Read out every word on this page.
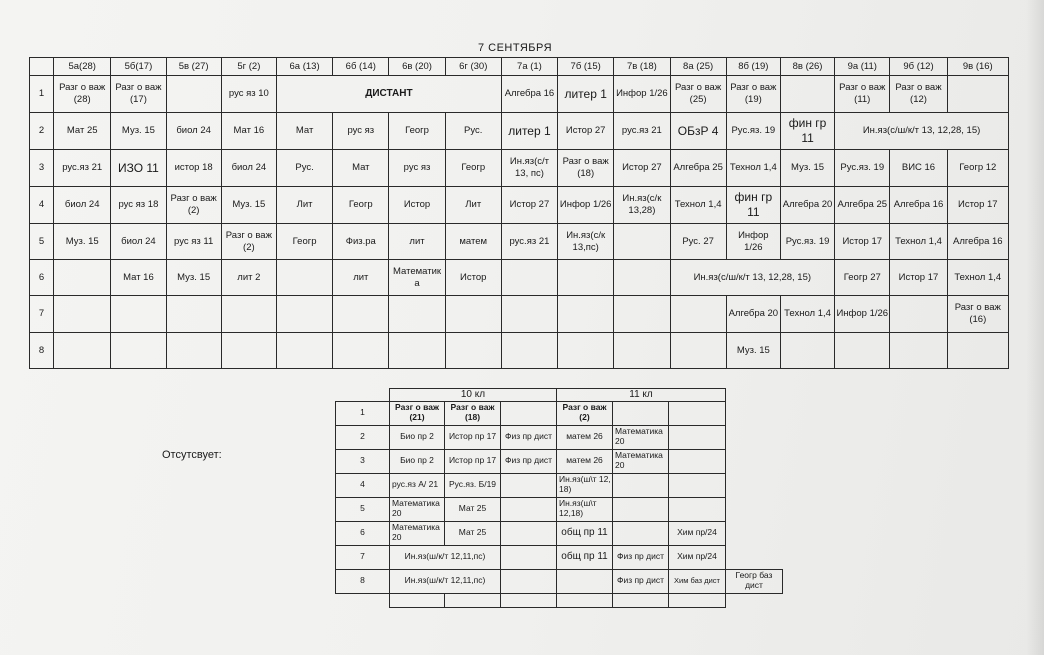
7 СЕНТЯБРЯ
	5а(28)	5б(17)	5в (27)	5г (2)	6а (13)	6б (14)	6в (20)	6г (30)	7а (1)	7б (15)	7в (18)	8а (25)	8б (19)	8в (26)	9а (11)	9б (12)	9в (16)
1	Разг о важ (28)	Разг о важ (17)		рус яз 10	ДИСТАНТ				Алгебра 16	литер 1	Инфор 1/26	Разг о важ (25)	Разг о важ (19)		Разг о важ (11)	Разг о важ (12)	
2	Мат 25	Муз. 15	биол 24	Мат 16	Мат	рус яз	Геогр	Рус.	литер 1	Истор 27	рус.яз 21	ОБзР 4	Рус.яз. 19	фин гр 11	Ин.яз(с/ш/к/т 13, 12,28, 15)		
3	рус.яз 21	ИЗО 11	истор 18	биол 24	Рус.	Мат	рус яз	Геогр	Ин.яз(с/т 13, пс)	Разг о важ (18)	Истор 27	Алгебра 25	Технол 1,4	Муз. 15	Рус.яз. 19	ВИС 16	Геогр 12
4	биол 24	рус яз 18	Разг о важ (2)	Муз. 15	Лит	Геогр	Истор	Лит	Истор 27	Инфор 1/26	Ин.яз(с/к 13,28)	Технол 1,4	фин гр 11	Алгебра 20	Алгебра 25	Алгебра 16	Истор 17
5	Муз. 15	биол 24	рус яз 11	Разг о важ (2)	Геогр	Физ.ра	лит	матем	рус.яз 21	Ин.яз(с/к 13,пс)		Рус. 27	Инфор 1/26	Рус.яз. 19	Истор 17	Технол 1,4	Алгебра 16
6		Мат 16	Муз. 15	лит 2		лит	Математика	Истор				Ин.яз(с/ш/к/т 13, 12,28, 15)			Геогр 27	Истор 17	Технол 1,4
7													Алгебра 20	Технол 1,4	Инфор 1/26		Разг о важ (16)
8													Муз. 15				
Отсутсвует:
	10 кл			11 кл			
1	Разг о важ (21)	Разг о важ (18)		Разг о важ (2)			
2	Био пр 2	Истор пр 17	Физ пр дист	матем 26	Математика 20		
3	Био пр 2	Истор пр 17	Физ пр дист	матем 26	Математика 20		
4	рус.яз А/ 21	Рус.яз. Б/19		Ин.яз(ш\т 12, 18)			
5	Математика 20	Мат 25		Ин.яз(ш\т 12,18)			
6	Математика 20	Мат 25		общ пр 11		Хим пр/24	
7	Ин.яз(ш/к/т 12,11,пс)			общ пр 11	Физ пр дист	Хим пр/24	
8	Ин.яз(ш/к/т 12,11,пс)				Физ пр дист	Хим баз дист	Геогр баз дист
